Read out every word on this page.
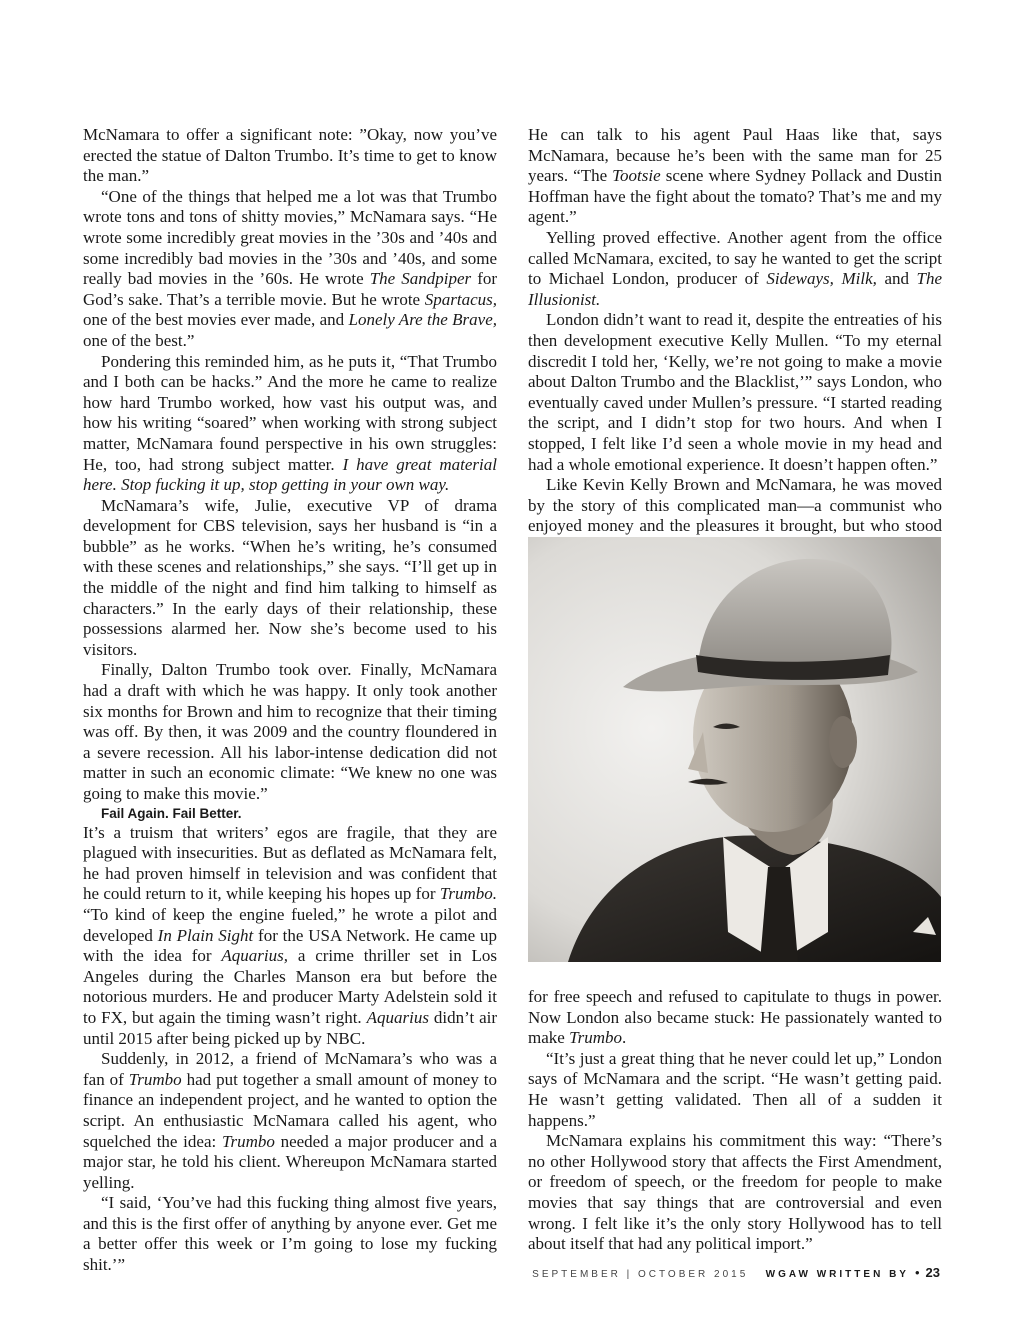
McNamara to offer a significant note: ”Okay, now you’ve erected the statue of Dalton Trumbo. It’s time to get to know the man.”

“One of the things that helped me a lot was that Trumbo wrote tons and tons of shitty movies,” McNamara says. “He wrote some incredibly great movies in the ’30s and ’40s and some incredibly bad movies in the ’30s and ’40s, and some really bad movies in the ’60s. He wrote The Sandpiper for God’s sake. That’s a terrible movie. But he wrote Spartacus, one of the best movies ever made, and Lonely Are the Brave, one of the best.”

Pondering this reminded him, as he puts it, “That Trumbo and I both can be hacks.” And the more he came to realize how hard Trumbo worked, how vast his output was, and how his writing “soared” when working with strong subject matter, McNamara found perspective in his own struggles: He, too, had strong subject matter. I have great material here. Stop fucking it up, stop getting in your own way.

McNamara’s wife, Julie, executive VP of drama development for CBS television, says her husband is “in a bubble” as he works. “When he’s writing, he’s consumed with these scenes and relationships,” she says. “I’ll get up in the middle of the night and find him talking to himself as characters.” In the early days of their relationship, these possessions alarmed her. Now she’s become used to his visitors.

Finally, Dalton Trumbo took over. Finally, McNamara had a draft with which he was happy. It only took another six months for Brown and him to recognize that their timing was off. By then, it was 2009 and the country floundered in a severe recession. All his labor-intense dedication did not matter in such an economic climate: “We knew no one was going to make this movie.”

Fail Again. Fail Better.

It’s a truism that writers’ egos are fragile, that they are plagued with insecurities. But as deflated as McNamara felt, he had proven himself in television and was confident that he could return to it, while keeping his hopes up for Trumbo. “To kind of keep the engine fueled,” he wrote a pilot and developed In Plain Sight for the USA Network. He came up with the idea for Aquarius, a crime thriller set in Los Angeles during the Charles Manson era but before the notorious murders. He and producer Marty Adelstein sold it to FX, but again the timing wasn’t right. Aquarius didn’t air until 2015 after being picked up by NBC.

Suddenly, in 2012, a friend of McNamara’s who was a fan of Trumbo had put together a small amount of money to finance an independent project, and he wanted to option the script. An enthusiastic McNamara called his agent, who squelched the idea: Trumbo needed a major producer and a major star, he told his client. Whereupon McNamara started yelling.

“I said, ‘You’ve had this fucking thing almost five years, and this is the first offer of anything by anyone ever. Get me a better offer this week or I’m going to lose my fucking shit.’”

He can talk to his agent Paul Haas like that, says McNamara, because he’s been with the same man for 25 years. “The Tootsie scene where Sydney Pollack and Dustin Hoffman have the fight about the tomato? That’s me and my agent.”

Yelling proved effective. Another agent from the office called McNamara, excited, to say he wanted to get the script to Michael London, producer of Sideways, Milk, and The Illusionist.

London didn’t want to read it, despite the entreaties of his then development executive Kelly Mullen. “To my eternal discredit I told her, ‘Kelly, we’re not going to make a movie about Dalton Trumbo and the Blacklist,’” says London, who eventually caved under Mullen’s pressure. “I started reading the script, and I didn’t stop for two hours. And when I stopped, I felt like I’d seen a whole movie in my head and had a whole emotional experience. It doesn’t happen often.”

Like Kevin Kelly Brown and McNamara, he was moved by the story of this complicated man—a communist who enjoyed money and the pleasures it brought, but who stood

for free speech and refused to capitulate to thugs in power. Now London also became stuck: He passionately wanted to make Trumbo.

“It’s just a great thing that he never could let up,” London says of McNamara and the script. “He wasn’t getting paid. He wasn’t getting validated. Then all of a sudden it happens.”

McNamara explains his commitment this way: “There’s no other Hollywood story that affects the First Amendment, or freedom of speech, or the freedom for people to make movies that say things that are controversial and even wrong. I felt like it’s the only story Hollywood has to tell about itself that had any political import.”

SEPTEMBER | OCTOBER 2015 WGAW WRITTEN BY • 23
